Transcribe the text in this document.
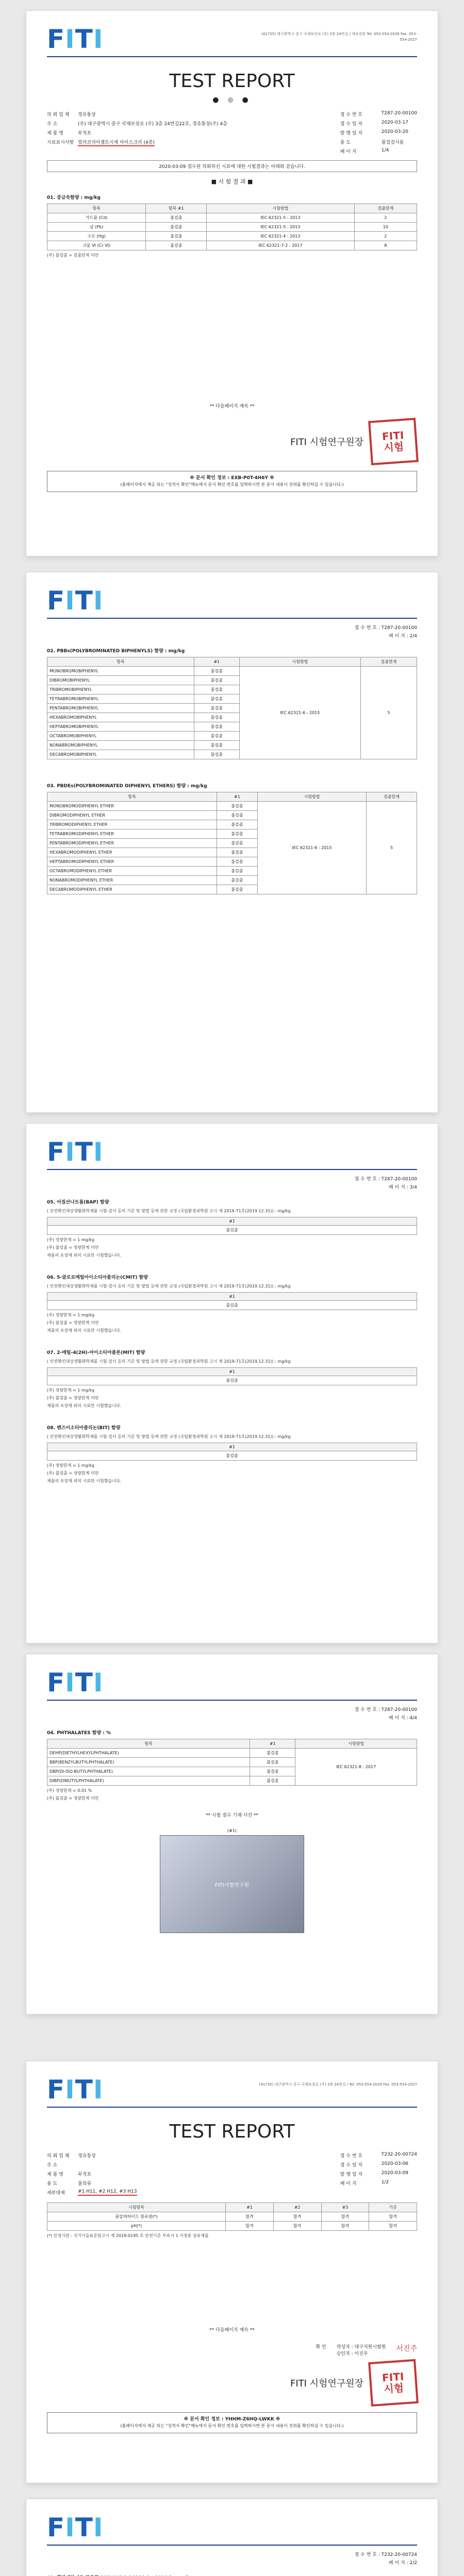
FITI	(41735) 대구광역시 중구 국채보상로 (주) 3층 24번길 / 대표전화 Tel. 053-554-2026 Fax. 053-554-2027
TEST REPORT
● ● ●
의 뢰 업 체	경유통상
주 소	(주) 대구광역시 중구 국채보상로 (주) 3층 24번길22호, 경유통상(주) 4층
제 품 명	부직포
시료표시사항 얼라코리아젬트시계 아이스크리 (4종)
접 수 번 호	T287-20-00100
접 수 일 자	2020-03-17
발 행 일 자	2020-03-20
용 도	품질검사용
페 이 지	1/4
2020-03-09 접수된 의뢰하신 시료에 대한 시험결과는 아래와 같습니다.
■ 시 험 결 과 ■
01. 중금속함량 : mg/kg
항목	항목 #1	시험방법	검출한계
카드뮴 (Cd)	불검출	IEC 62321-5 : 2013	2
납 (Pb)	불검출	IEC 62321-5 : 2013	10
수은 (Hg)	불검출	IEC 62321-4 : 2013	2
크롬 VI (Cr VI)	불검출	IEC 62321-7-2 : 2017	8
(주) 불검출 = 검출한계 미만
** 다음페이지 계속 **
FITI 시험연구원장	FITI
시험
※ 문서 확인 정보 : EXB-P0T-4H6Y ※
(홈페이지에서 제공 되는 "성적서 확인"메뉴에서 문서 확인 번호를 입력하시면 본 문서 내용이 진위를 확인하실 수 있습니다.)
FITI
접 수 번 호 : T287-20-00100
페 이 지 : 2/4
02. PBBs(POLYBROMINATED BIPHENYLS) 함량 : mg/kg
항목	#1	시험방법	검출한계
MONOBROMOBIPHENYL	불검출	IEC 62321-6 : 2015	5
DIBROMOBIPHENYL	불검출		
TRIBROMOBIPHENYL	불검출		
TETRABROMOBIPHENYL	불검출		
PENTABROMOBIPHENYL	불검출		
HEXABROMOBIPHENYL	불검출		
HEPTABROMOBIPHENYL	불검출		
OCTABROMOBIPHENYL	불검출		
NONABROMOBIPHENYL	불검출		
DECABROMOBIPHENYL	불검출		
03. PBDEs(POLYBROMINATED DIPHENYL ETHERS) 함량 : mg/kg
항목	#1	시험방법	검출한계
MONOBROMODIPHENYL ETHER	불검출	IEC 62321-6 : 2015	5
DIBROMODIPHENYL ETHER	불검출		
TRIBROMODIPHENYL ETHER	불검출		
TETRABROMODIPHENYL ETHER	불검출		
PENTABROMODIPHENYL ETHER	불검출		
HEXABROMODIPHENYL ETHER	불검출		
HEPTABROMODIPHENYL ETHER	불검출		
OCTABROMODIPHENYL ETHER	불검출		
NONABROMODIPHENYL ETHER	불검출		
DECABROMODIPHENYL ETHER	불검출		
FITI
접 수 번 호 : T287-20-00100
페 이 지 : 3/4
05. 아질산나트륨(BAP) 함량
( 안전확인대상생활화학제품 시험·검사 등의 기준 및 방법 등에 관한 규정 (국립환경과학원 고시 제 2019-71호(2019.12.31)) : mg/kg
#1
불검출
(주) 정량한계 = 1 mg/kg
(주) 불검출 = 정량한계 미만
제품의 포장재 외의 시료만 시험했습니다.
06. 5-클로로메틸아이소티아졸리논(CMIT) 함량
( 안전확인대상생활화학제품 시험·검사 등의 기준 및 방법 등에 관한 규정 (국립환경과학원 고시 제 2019-71호(2019.12.31)) : mg/kg
#1
불검출
(주) 정량한계 = 1 mg/kg
(주) 불검출 = 정량한계 미만
제품의 포장재 외의 시료만 시험했습니다.
07. 2-메틸-4(2H)-아이소티아졸론(MIT) 함량
( 안전확인대상생활화학제품 시험·검사 등의 기준 및 방법 등에 관한 규정 (국립환경과학원 고시 제 2019-71호(2019.12.31)) : mg/kg
#1
불검출
(주) 정량한계 = 1 mg/kg
(주) 불검출 = 정량한계 미만
제품의 포장재 외의 시료만 시험했습니다.
08. 벤즈이소티아졸리논(BIT) 함량
( 안전확인대상생활화학제품 시험·검사 등의 기준 및 방법 등에 관한 규정 (국립환경과학원 고시 제 2019-71호(2019.12.31)) : mg/kg
#1
불검출
(주) 정량한계 = 1 mg/kg
(주) 불검출 = 정량한계 미만
제품의 포장재 외의 시료만 시험했습니다.
FITI
접 수 번 호 : T287-20-00100
페 이 지 : 4/4
04. PHTHALATES 함량 : %
항목	#1	시험방법
DEHP(DIETHYLHEXYLPHTHALATE)	불검출	IEC 62321-8 : 2017
BBP(BENZYLBUTYLPHTHALATE)	불검출	
DBP(DI-ISO-BUTYLPHTHALATE)	불검출	
DIBP(DIBUTYLPHTHALATE)	불검출	
(주) 정량한계 = 0.01 %
(주) 불검출 = 정량한계 미만
** 시험 접수 기재 사진 **
(#1)
FITI시험연구원
FITI	(41735) 대구광역시 중구 국채보상로 (주) 3층 24번길 / Tel. 053-554-2026 Fax. 053-554-2027
TEST REPORT
의 뢰 업 체	경유통상
주 소
제 품 명	부직포
용 도	품의류
세부대제	#1 H11, #2 H12, #3 H13
접 수 번 호	T232-20-00724
접 수 일 자	2020-03-06
발 행 일 자	2020-03-09
페 이 지	1/2
시험항목	#1	#2	#3	기준
폼알데하이드 함유량(*)	합격	합격	합격	합격
pH(*)	합격	합격	합격	합격
(*) 인정기관 : 국가기술표준원고시 제 2018-0195 호 안전기준 부속서 1 가정용 섬유제품
** 다음페이지 계속 **
확 인 작성자 : 대구지원시험원
승인자 : 이진우
서진주
FITI 시험연구원장	FITI
시험
※ 문서 확인 정보 : YHHM-Z6HQ-LWKK ※
(홈페이지에서 제공 되는 "성적서 확인"메뉴에서 문서 확인 번호를 입력하시면 본 문서 내용이 진위를 확인하실 수 있습니다.)
FITI
접 수 번 호 : T232-20-00724
페 이 지 : 2/2
